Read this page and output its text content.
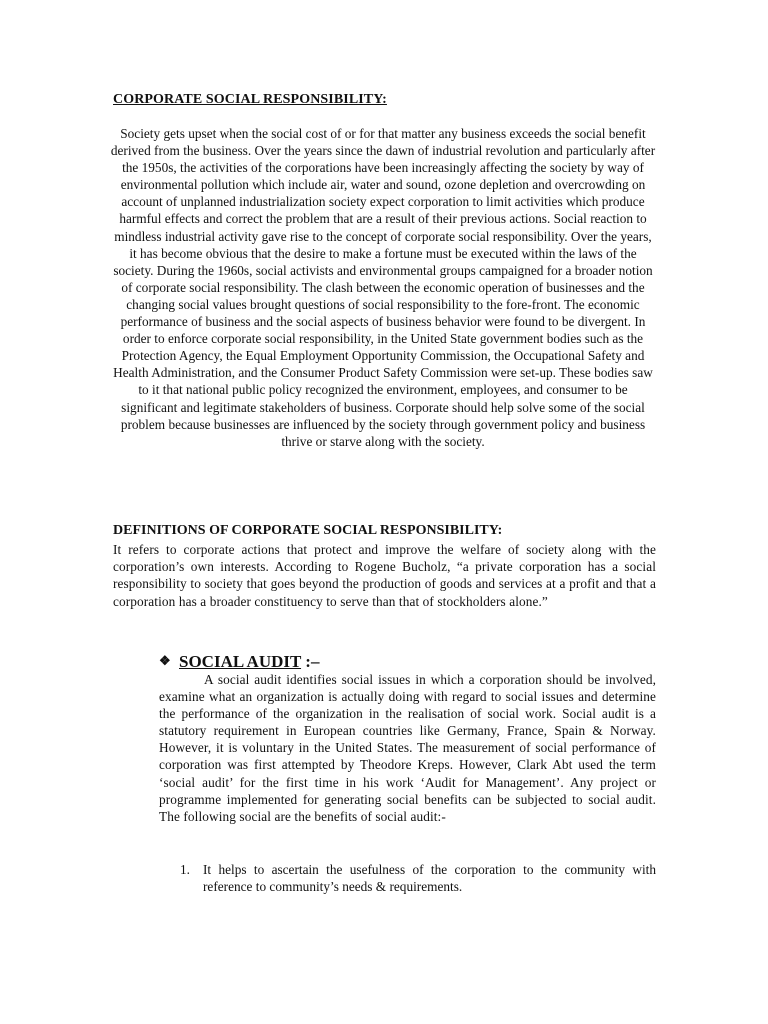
CORPORATE SOCIAL RESPONSIBILITY:

Society gets upset when the social cost of or for that matter any business exceeds the social benefit derived from the business. Over the years since the dawn of industrial revolution and particularly after the 1950s, the activities of the corporations have been increasingly affecting the society by way of environmental pollution which include air, water and sound, ozone depletion and overcrowding on account of unplanned industrialization society expect corporation to limit activities which produce harmful effects and correct the problem that are a result of their previous actions. Social reaction to mindless industrial activity gave rise to the concept of corporate social responsibility. Over the years, it has become obvious that the desire to make a fortune must be executed within the laws of the society. During the 1960s, social activists and environmental groups campaigned for a broader notion of corporate social responsibility. The clash between the economic operation of businesses and the changing social values brought questions of social responsibility to the fore-front. The economic performance of business and the social aspects of business behavior were found to be divergent. In order to enforce corporate social responsibility, in the United State government bodies such as the Protection Agency, the Equal Employment Opportunity Commission, the Occupational Safety and Health Administration, and the Consumer Product Safety Commission were set-up. These bodies saw to it that national public policy recognized the environment, employees, and consumer to be significant and legitimate stakeholders of business. Corporate should help solve some of the social problem because businesses are influenced by the society through government policy and business thrive or starve along with the society.

DEFINITIONS OF CORPORATE SOCIAL RESPONSIBILITY:
It refers to corporate actions that protect and improve the welfare of society along with the corporation’s own interests. According to Rogene Bucholz, “a private corporation has a social responsibility to society that goes beyond the production of goods and services at a profit and that a corporation has a broader constituency to serve than that of stockholders alone.”
❖ SOCIAL AUDIT :–

A social audit identifies social issues in which a corporation should be involved, examine what an organization is actually doing with regard to social issues and determine the performance of the organization in the realisation of social work. Social audit is a statutory requirement in European countries like Germany, France, Spain & Norway. However, it is voluntary in the United States. The measurement of social performance of corporation was first attempted by Theodore Kreps. However, Clark Abt used the term ‘social audit’ for the first time in his work ‘Audit for Management’. Any project or programme implemented for generating social benefits can be subjected to social audit. The following social are the benefits of social audit:-

1. It helps to ascertain the usefulness of the corporation to the community with reference to community’s needs & requirements.
